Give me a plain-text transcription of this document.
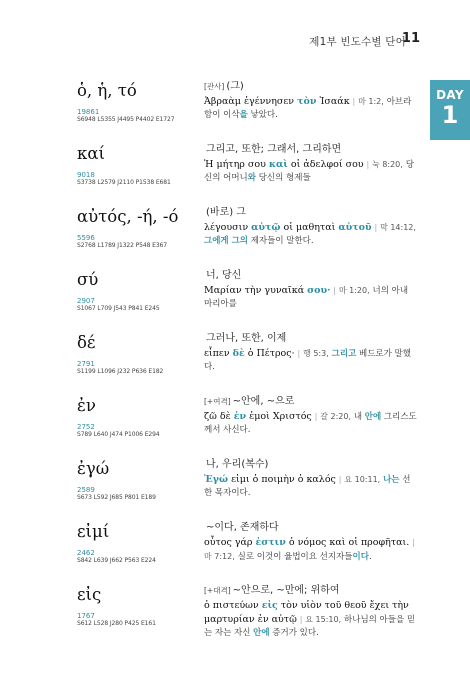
제1부 빈도수별 단어
11
DAY
1
ὁ, ἡ, τό
19861
S6948 L5355 J4495 P4402 E1727
[관사] (그)
Ἀβραὰμ ἐγέννησεν τὸν Ἰσαάκ | 마 1:2, 아브라함이 이삭을 낳았다.
καί
9018
S3738 L2579 J2110 P1538 E681
그리고, 또한; 그래서, 그리하면
Ἡ μήτηρ σου καὶ οἱ ἀδελφοί σου | 눅 8:20, 당신의 어머니와 당신의 형제들
αὐτός, -ή, -ό
5596
S2768 L1789 J1322 P548 E367
(바로) 그
λέγουσιν αὐτῷ οἱ μαθηταὶ αὐτοῦ | 막 14:12, 그에게 그의 제자들이 말한다.
σύ
2907
S1067 L709 J543 P841 E245
너, 당신
Μαρίαν τὴν γυναῖκά σου· | 마 1:20, 너의 아내 마리아를
δέ
2791
S1199 L1096 J232 P636 E182
그러나, 또한, 이제
εἶπεν δὲ ὁ Πέτρος· | 행 5:3, 그리고 베드로가 말했다.
ἐν
2752
S789 L640 J474 P1006 E294
[+여격] ~안에, ~으로
ζῶ δὲ ἐν ἐμοὶ Χριστός | 갈 2:20, 내 안에 그리스도께서 사신다.
ἐγώ
2589
S673 L592 J685 P801 E189
나, 우리(복수)
Ἐγώ εἰμι ὁ ποιμὴν ὁ καλός | 요 10:11, 나는 선한 목자이다.
εἰμί
2462
S842 L639 J662 P563 E224
~이다, 존재하다
οὗτος γάρ ἐστιν ὁ νόμος καὶ οἱ προφῆται. | 마 7:12, 실로 이것이 율법이요 선지자들이다.
εἰς
1767
S612 L528 J280 P425 E161
[+대격] ~안으로, ~만에; 위하여
ὁ πιστεύων εἰς τὸν υἱὸν τοῦ θεοῦ ἔχει τὴν μαρτυρίαν ἐν αὐτῷ | 요 15:10, 하나님의 아들을 믿는 자는 자신 안에 증거가 있다.
